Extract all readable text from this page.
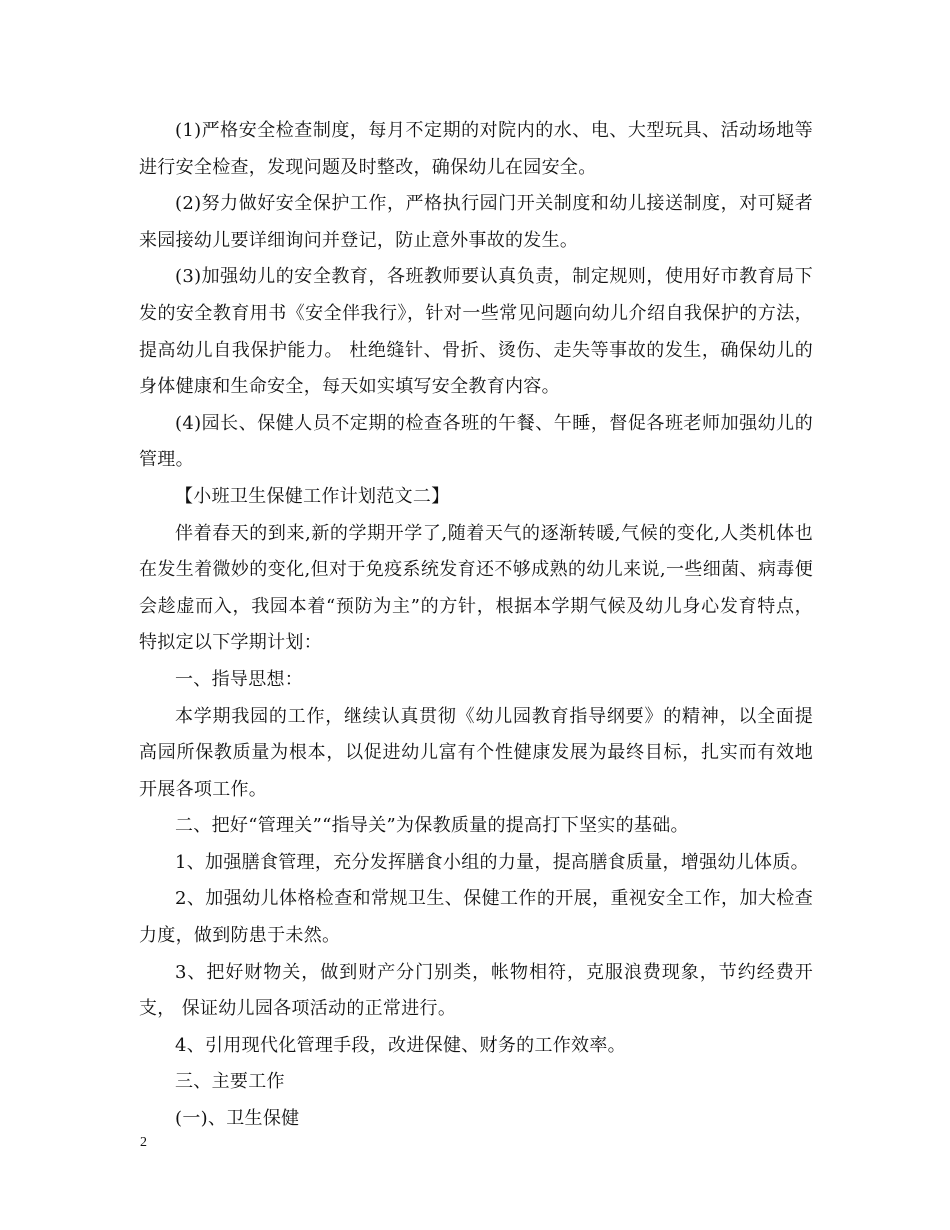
(1)严格安全检查制度，每月不定期的对院内的水、电、大型玩具、活动场地等进行安全检查，发现问题及时整改，确保幼儿在园安全。

(2)努力做好安全保护工作，严格执行园门开关制度和幼儿接送制度，对可疑者来园接幼儿要详细询问并登记，防止意外事故的发生。

(3)加强幼儿的安全教育，各班教师要认真负责，制定规则，使用好市教育局下发的安全教育用书《安全伴我行》，针对一些常见问题向幼儿介绍自我保护的方法，提高幼儿自我保护能力。 杜绝缝针、骨折、烫伤、走失等事故的发生，确保幼儿的身体健康和生命安全，每天如实填写安全教育内容。

(4)园长、保健人员不定期的检查各班的午餐、午睡，督促各班老师加强幼儿的管理。

【小班卫生保健工作计划范文二】

伴着春天的到来,新的学期开学了,随着天气的逐渐转暖,气候的变化,人类机体也在发生着微妙的变化,但对于免疫系统发育还不够成熟的幼儿来说,一些细菌、病毒便会趁虚而入，我园本着“预防为主”的方针，根据本学期气候及幼儿身心发育特点，特拟定以下学期计划：

一、指导思想：

本学期我园的工作，继续认真贯彻《幼儿园教育指导纲要》的精神，以全面提高园所保教质量为根本，以促进幼儿富有个性健康发展为最终目标，扎实而有效地开展各项工作。

二、把好“管理关”“指导关”为保教质量的提高打下坚实的基础。

1、加强膳食管理，充分发挥膳食小组的力量，提高膳食质量，增强幼儿体质。

2、加强幼儿体格检查和常规卫生、保健工作的开展，重视安全工作，加大检查 力度，做到防患于未然。

3、把好财物关，做到财产分门别类，帐物相符，克服浪费现象，节约经费开支， 保证幼儿园各项活动的正常进行。

4、引用现代化管理手段，改进保健、财务的工作效率。

三、主要工作

(一)、卫生保健

2
